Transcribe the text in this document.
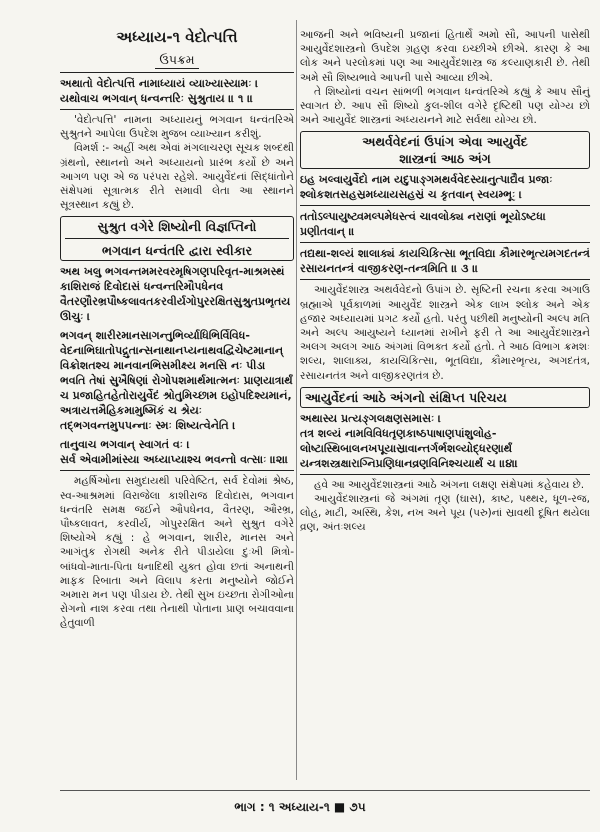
અધ્યાય-૧ વેદોત્પત્તિ
ઉપક્રમ

અથાતો વેદોત્પત્તિં નામાધ્યાયં વ્યાખ્યાસ્યામઃ ।

યથોવાચ ભગવાન્ ધન્વન્તરિઃ સુશ્રુતાય ॥ ૧ ॥

'વેદોત્પત્તિ' નામના અધ્યાયનું ભગવાન ધન્વંતરિએ સુશ્રુતને આપેલા ઉપદેશ મુજબ વ્યાખ્યાન કરીશું.

વિમર્શ :- અહીં અથ એવાં મંગલાચરણ સૂચક શબ્દથી ગ્રંથનો, સ્થાનનો અને અધ્યાયનો પ્રારંભ કર્યો છે અને આગળ પણ એ જ પરંપરા રહેશે. આયુર્વેદનાં સિદ્ધાંતોને સંક્ષેપમાં સૂત્રાત્મક રીતે સમાવી લેતા આ સ્થાનને સૂત્રસ્થાન કહ્યું છે.

સુશ્રુત વગેરે શિષ્યોની વિજ્ઞપ્તિનો
ભગવાન ધન્વંતરિ દ્વારા સ્વીકાર

અથ ખલુ ભગવન્તમમરવરમૃષિગણપરિવૃત-માશ્રમસ્થં કાશિરાજં દિવોદાસં ધન્વન્તરિમૌપધેનવ વૈતરણૌરભ્રપૌષ્કલાવતકરવીર્યગોપુરરક્ષિતસુશ્રુતપ્રભૃતય ઊચુઃ ।

ભગવન્ શારીરમાનસાગન્તુભિર્વ્યાધિભિર્વિવિધ-વેદનાભિઘાતોપદ્રુતાન્સનાથાનપ્યનાથવદ્વિચેષ્ટમાનાન્ વિક્રોશતશ્ચ માનવાનભિસમીક્ષ્ય મનસિ નઃ પીડા ભવતિ તેષાં સુખૈષિણાં રોગોપશમાર્થમાત્મનઃ પ્રાણયાત્રાર્થં ચ પ્રજાહિતહેતોરાયુર્વેદં શ્રોતુમિચ્છામ ઇહોપદિશ્યમાનં, અત્રાયત્તમૈહિકમામુષ્મિકં ચ શ્રેયઃ તદ્ભગવન્તમુપપન્નાઃ સ્મઃ શિષ્યત્વેનેતિ ।

તાનુવાચ ભગવાન્ સ્વાગતં વઃ ।

સર્વ એવામીમાંસ્યા અધ્યાપ્યાશ્ચ ભવન્તો વત્સાઃ ॥૨॥

મહર્ષિઓના સમુદાયથી પરિવેષ્ટિત, સર્વ દેવોમાં શ્રેષ્ઠ, સ્વ-આશ્રમમાં વિરાજેલા કાશીરાજ દિવોદાસ, ભગવાન ધન્વંતરિ સમક્ષ જઈને ઔપધેનવ, વૈતરણ, ઔરભ્ર, પૌષ્કલાવત, કરવીર્ય, ગોપુરરક્ષિત અને સુશ્રુત વગેરે શિષ્યોએ કહ્યું : હે ભગવાન, શારીર, માનસ અને આગંતુક રોગથી અનેક રીતે પીડાયેલા દુઃખી મિત્રો-બાંધવો-માતા-પિતા ધનાદિથી યુક્ત હોવા છતાં અનાથની માફક રિબાતા અને વિલાપ કરતા મનુષ્યોને જોઈને અમારા મન પણ પીડાય છે. તેથી સુખ ઇચ્છતા રોગીઓના રોગનો નાશ કરવા તથા તેનાથી પોતાના પ્રાણ બચાવવાના હેતુવાળી

આજની અને ભવિષ્યની પ્રજાનાં હિતાર્થે અમો સૌ, આપની પાસેથી આયુર્વેદશાસ્ત્રનો ઉપદેશ ગ્રહણ કરવા ઇચ્છીએ છીએ. કારણ કે આ લોક અને પરલોકમાં પણ આ આયુર્વેદશાસ્ત્ર જ કલ્યાણકારી છે. તેથી અમે સૌ શિષ્યભાવે આપની પાસે આવ્યા છીએ.

તે શિષ્યોનાં વચન સાંભળી ભગવાન ધન્વંતરિએ કહ્યું કે આપ સૌનું સ્વાગત છે. આપ સૌ શિષ્યો કુલ-શીલ વગેરે દૃષ્ટિથી પણ યોગ્ય છો અને આયુર્વેદ શાસ્ત્રનાં અધ્યયનને માટે સર્વથા યોગ્ય છો.

અથર્વવેદનાં ઉપાંગ એવા આયુર્વેદ
શાસ્ત્રનાં આઠ અંગ

ઇહ ખલ્વાયુર્વેદો નામ યદુપાઙ્ગમથર્વવેદસ્યાનુત્પાદ્યૈવ પ્રજાઃ શ્લોકશતસહસ્રમધ્યાયસહસ્રં ચ કૃતવાન્ સ્વયમ્ભૂઃ ।

તતોઽલ્પાયુષ્ટ્વમલ્પમેધસ્ત્વં ચાવલોક્ય નરાણાં ભૂયોઽષ્ટધા પ્રણીતવાન્ ॥

તદ્યથા-શલ્યં શાલાક્યં કાયચિકિત્સા ભૂતવિદ્યા કૌમારભૃત્યમગદતન્ત્રં રસાયનતન્ત્રં વાજીકરણ-તન્ત્રમિતિ ॥ ૩ ॥

આયુર્વેદશાસ્ત્ર અથર્વવેદનો ઉપાંગ છે. સૃષ્ટિની રચના કરવા અગાઉ બ્રહ્માએ પૂર્વકાળમાં આયુર્વેદ શાસ્ત્રને એક લાખ શ્લોક અને એક હજાર અધ્યાયમાં પ્રગટ કર્યો હતો. પરંતુ પછીથી મનુષ્યોની અલ્પ મતિ અને અલ્પ આયુષ્યને ધ્યાનમાં રાખીને ફરી તે આ આયુર્વેદશાસ્ત્રને અલગ અલગ આઠ અંગમાં વિભક્ત કર્યો હતો. તે આઠ વિભાગ ક્રમશઃ શલ્ય, શાલાક્ય, કાયચિકિત્સા, ભૂતવિદ્યા, કૌમારભૃત્ય, અગદતંત્ર, રસાયનતંત્ર અને વાજીકરણતંત્ર છે.

આયુર્વેદનાં આઠે અંગનો સંક્ષિપ્ત પરિચય

અથાસ્ય પ્રત્યઙ્ગલક્ષણસમાસઃ ।

તત્ર શલ્યં નામવિવિધતૃણકાષ્ઠપાષાણપાંશુલોહ-લોષ્ટાસ્થિબાલનખપૂયાસ્રાવાન્તર્ગર્ભશલ્યોદ્ધરણાર્થં યન્ત્રશસ્ત્રક્ષારાગ્નિપ્રણિધાનવ્રણવિનિશ્ચયાર્થં ચ ॥૪॥

હવે આ આયુર્વેદશાસ્ત્રનાં આઠે અંગના લક્ષણ સંક્ષેપમાં કહેવાય છે.

આયુર્વેદશાસ્ત્રનાં જે અંગમાં તૃણ (ઘાસ), કાષ્ટ, પથ્થર, ધૂળ-રજ, લોહ, માટી, અસ્થિ, કેશ, નખ અને પૂય (પરુ)નાં સ્રાવથી દૂષિત થયેલા વ્રણ, અંતઃશલ્ય

ભાગ : ૧ અધ્યાય-૧ ■ ૭૫
